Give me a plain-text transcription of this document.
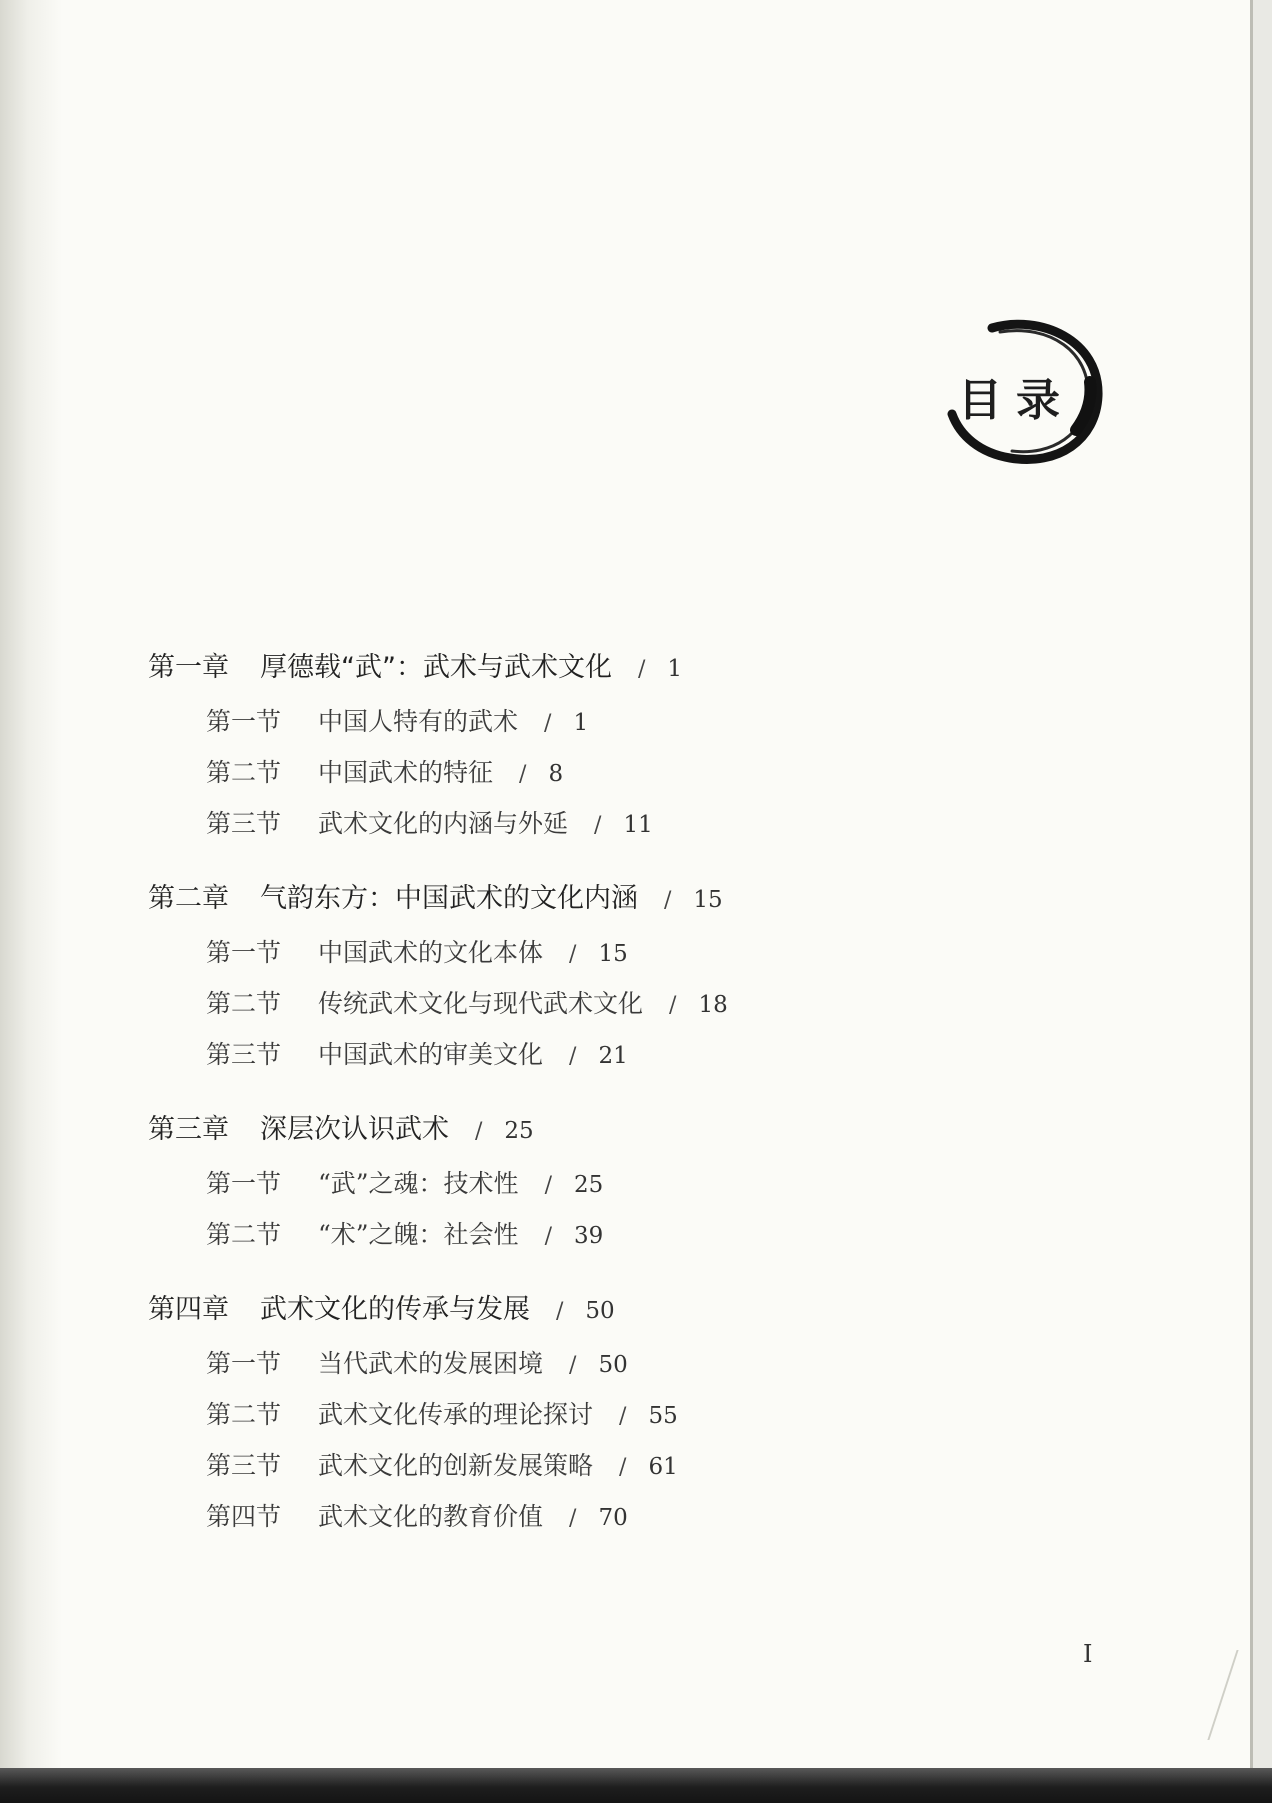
目录
第一章 厚德载“武”：武术与武术文化 / 1
第一节 中国人特有的武术 / 1
第二节 中国武术的特征 / 8
第三节 武术文化的内涵与外延 / 11
第二章 气韵东方：中国武术的文化内涵 / 15
第一节 中国武术的文化本体 / 15
第二节 传统武术文化与现代武术文化 / 18
第三节 中国武术的审美文化 / 21
第三章 深层次认识武术 / 25
第一节 “武”之魂：技术性 / 25
第二节 “术”之魄：社会性 / 39
第四章 武术文化的传承与发展 / 50
第一节 当代武术的发展困境 / 50
第二节 武术文化传承的理论探讨 / 55
第三节 武术文化的创新发展策略 / 61
第四节 武术文化的教育价值 / 70
I
